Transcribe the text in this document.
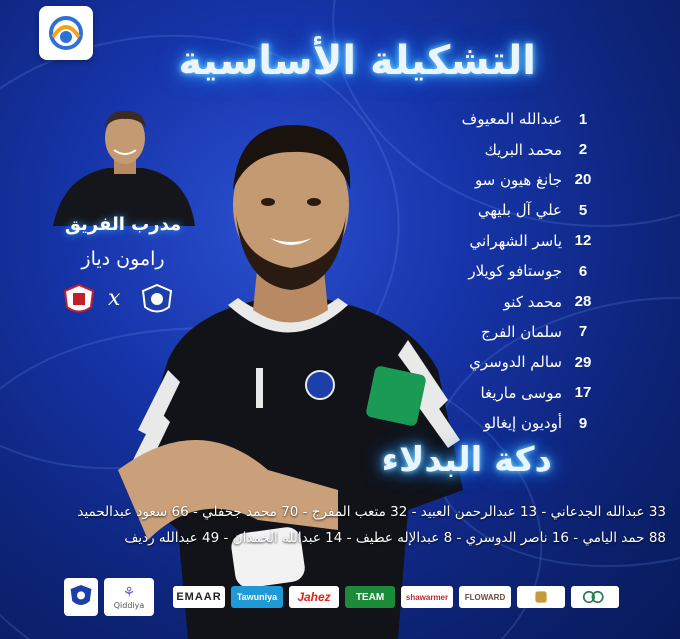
التشكيلة الأساسية
مدرب الفريق
رامون دياز
x
عبدالله المعيوف	1
محمد البريك	2
جانغ هيون سو 20
علي آل بليهي	5
ياسر الشهراني 12
جوستافو كويلار	6
محمد كنو 28
سلمان الفرج	7
سالم الدوسري 29
موسى ماريغا 17
أوديون إيغالو	9
دكة البدلاء
33 عبدالله الجدعاني - 13 عبدالرحمن العبيد - 32 متعب المفرج - 70 محمد جحفلي - 66 سعود عبدالحميد
88 حمد اليامي - 16 ناصر الدوسري - 8 عبدالإله عطيف - 14 عبدالله الحمدان - 49 عبدالله رديف
⚘
Qiddiya
EMAAR	Tawuniya	Jahez	TEAM	shawarmer	FLOWARD
